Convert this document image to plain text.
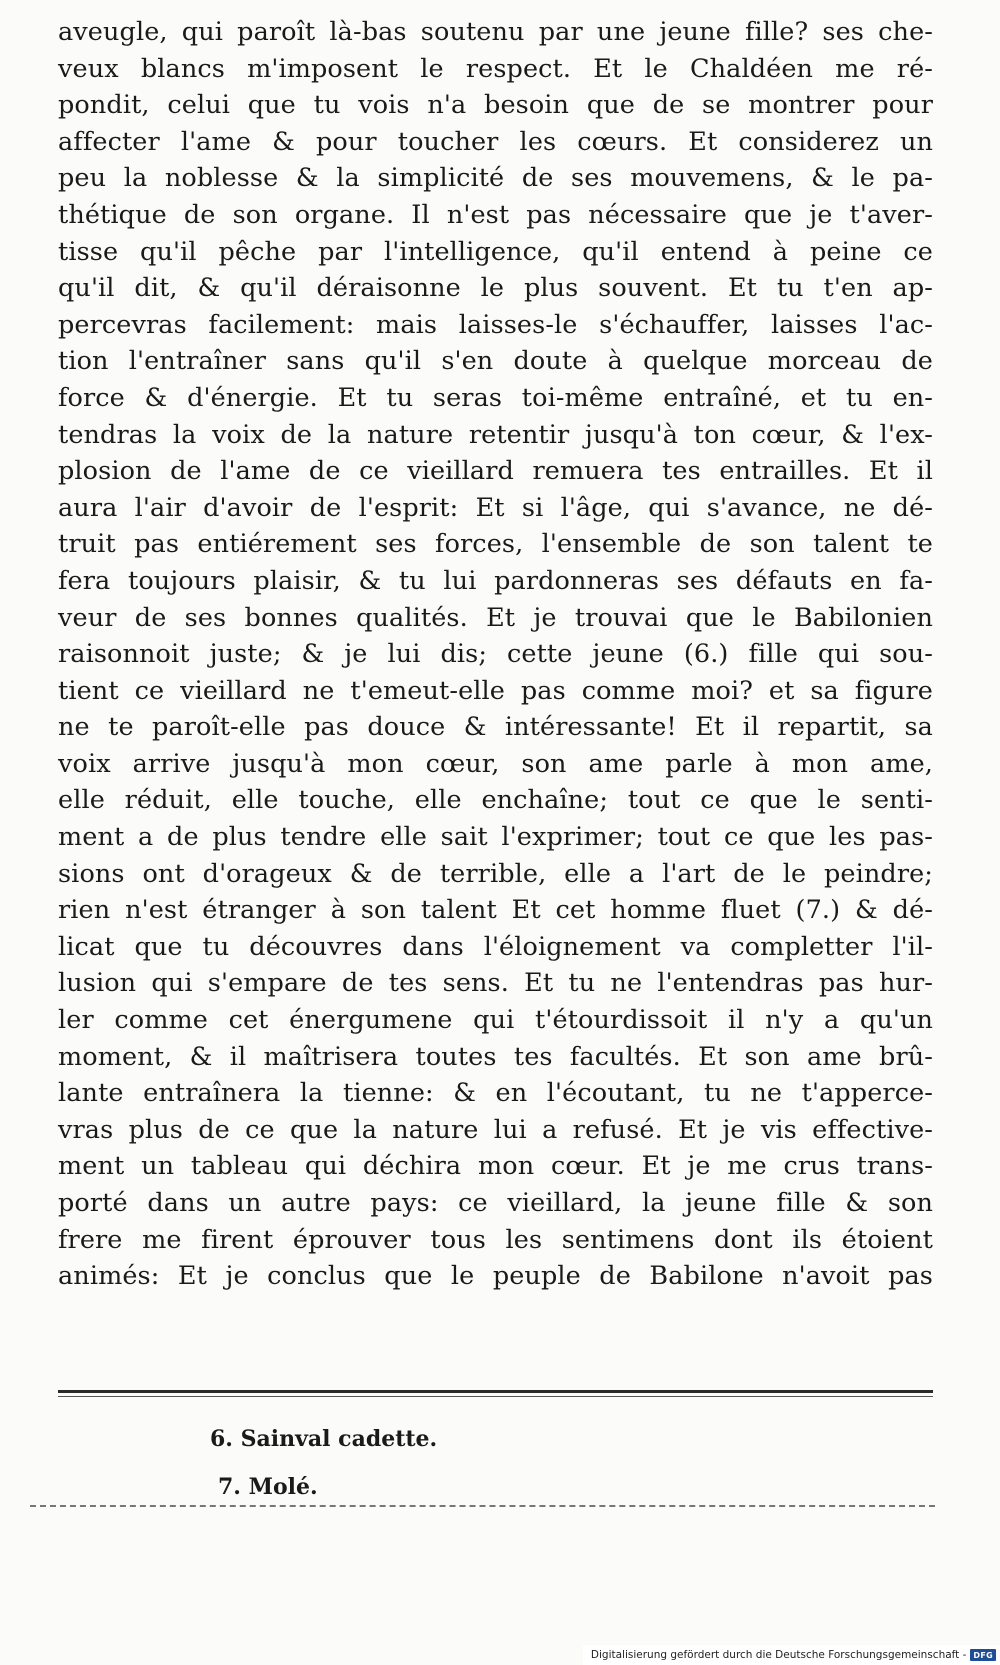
aveugle, qui paroît là-bas soutenu par une jeune fille? ses che-
veux blancs m'imposent le respect. Et le Chaldéen me ré-
pondit, celui que tu vois n'a besoin que de se montrer pour
affecter l'ame & pour toucher les cœurs. Et considerez un
peu la noblesse & la simplicité de ses mouvemens, & le pa-
thétique de son organe. Il n'est pas nécessaire que je t'aver-
tisse qu'il pêche par l'intelligence, qu'il entend à peine ce
qu'il dit, & qu'il déraisonne le plus souvent. Et tu t'en ap-
percevras facilement: mais laisses-le s'échauffer, laisses l'ac-
tion l'entraîner sans qu'il s'en doute à quelque morceau de
force & d'énergie. Et tu seras toi-même entraîné, et tu en-
tendras la voix de la nature retentir jusqu'à ton cœur, & l'ex-
plosion de l'ame de ce vieillard remuera tes entrailles. Et il
aura l'air d'avoir de l'esprit: Et si l'âge, qui s'avance, ne dé-
truit pas entiérement ses forces, l'ensemble de son talent te
fera toujours plaisir, & tu lui pardonneras ses défauts en fa-
veur de ses bonnes qualités. Et je trouvai que le Babilonien
raisonnoit juste; & je lui dis; cette jeune (6.) fille qui sou-
tient ce vieillard ne t'emeut-elle pas comme moi? et sa figure
ne te paroît-elle pas douce & intéressante! Et il repartit, sa
voix arrive jusqu'à mon cœur, son ame parle à mon ame,
elle réduit, elle touche, elle enchaîne; tout ce que le senti-
ment a de plus tendre elle sait l'exprimer; tout ce que les pas-
sions ont d'orageux & de terrible, elle a l'art de le peindre;
rien n'est étranger à son talent Et cet homme fluet (7.) & dé-
licat que tu découvres dans l'éloignement va completter l'il-
lusion qui s'empare de tes sens. Et tu ne l'entendras pas hur-
ler comme cet énergumene qui t'étourdissoit il n'y a qu'un
moment, & il maîtrisera toutes tes facultés. Et son ame brû-
lante entraînera la tienne: & en l'écoutant, tu ne t'apperce-
vras plus de ce que la nature lui a refusé. Et je vis effective-
ment un tableau qui déchira mon cœur. Et je me crus trans-
porté dans un autre pays: ce vieillard, la jeune fille & son
frere me firent éprouver tous les sentimens dont ils étoient
animés: Et je conclus que le peuple de Babilone n'avoit pas
6. Sainval cadette.
7. Molé.
Digitalisierung gefördert durch die Deutsche Forschungsgemeinschaft - DFG
